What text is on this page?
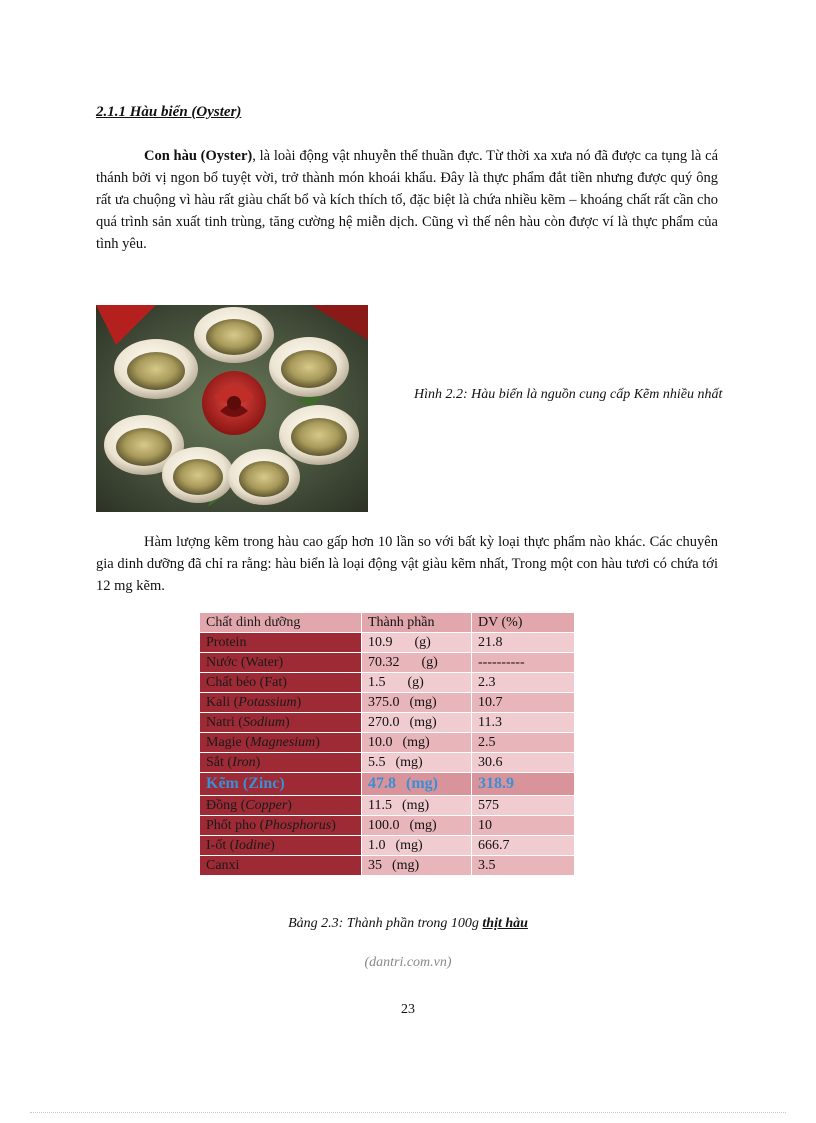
2.1.1 Hàu biển (Oyster)
Con hàu (Oyster), là loài động vật nhuyễn thể thuần đực. Từ thời xa xưa nó đã được ca tụng là cá thánh bởi vị ngon bổ tuyệt vời, trở thành món khoái khẩu. Đây là thực phẩm đắt tiền nhưng được quý ông rất ưa chuộng vì hàu rất giàu chất bổ và kích thích tố, đặc biệt là chứa nhiều kẽm – khoáng chất rất cần cho quá trình sản xuất tinh trùng, tăng cường hệ miễn dịch. Cũng vì thế nên hàu còn được ví là thực phẩm của tình yêu.
Hình 2.2: Hàu biển là nguồn cung cấp Kẽm nhiều nhất
Hàm lượng kẽm trong hàu cao gấp hơn 10 lần so với bất kỳ loại thực phẩm nào khác. Các chuyên gia dinh dưỡng đã chỉ ra rằng: hàu biển là loại động vật giàu kẽm nhất, Trong một con hàu tươi có chứa tới 12 mg kẽm.
Chất dinh dưỡng	Thành phần	DV (%)
Protein	10.9 (g)	21.8
Nước (Water)	70.32 (g)	----------
Chất béo (Fat)	1.5 (g)	2.3
Kali (Potassium)	375.0 (mg)	10.7
Natri (Sodium)	270.0 (mg)	11.3
Magie (Magnesium)	10.0 (mg)	2.5
Sắt (Iron)	5.5 (mg)	30.6
Kẽm (Zinc)	47.8 (mg)	318.9
Đồng (Copper)	11.5 (mg)	575
Phốt pho (Phosphorus)	100.0 (mg)	10
I-ốt (Iodine)	1.0 (mg)	666.7
Canxi	35 (mg)	3.5
Bảng 2.3: Thành phần trong 100g thịt hàu
(dantri.com.vn)
23
